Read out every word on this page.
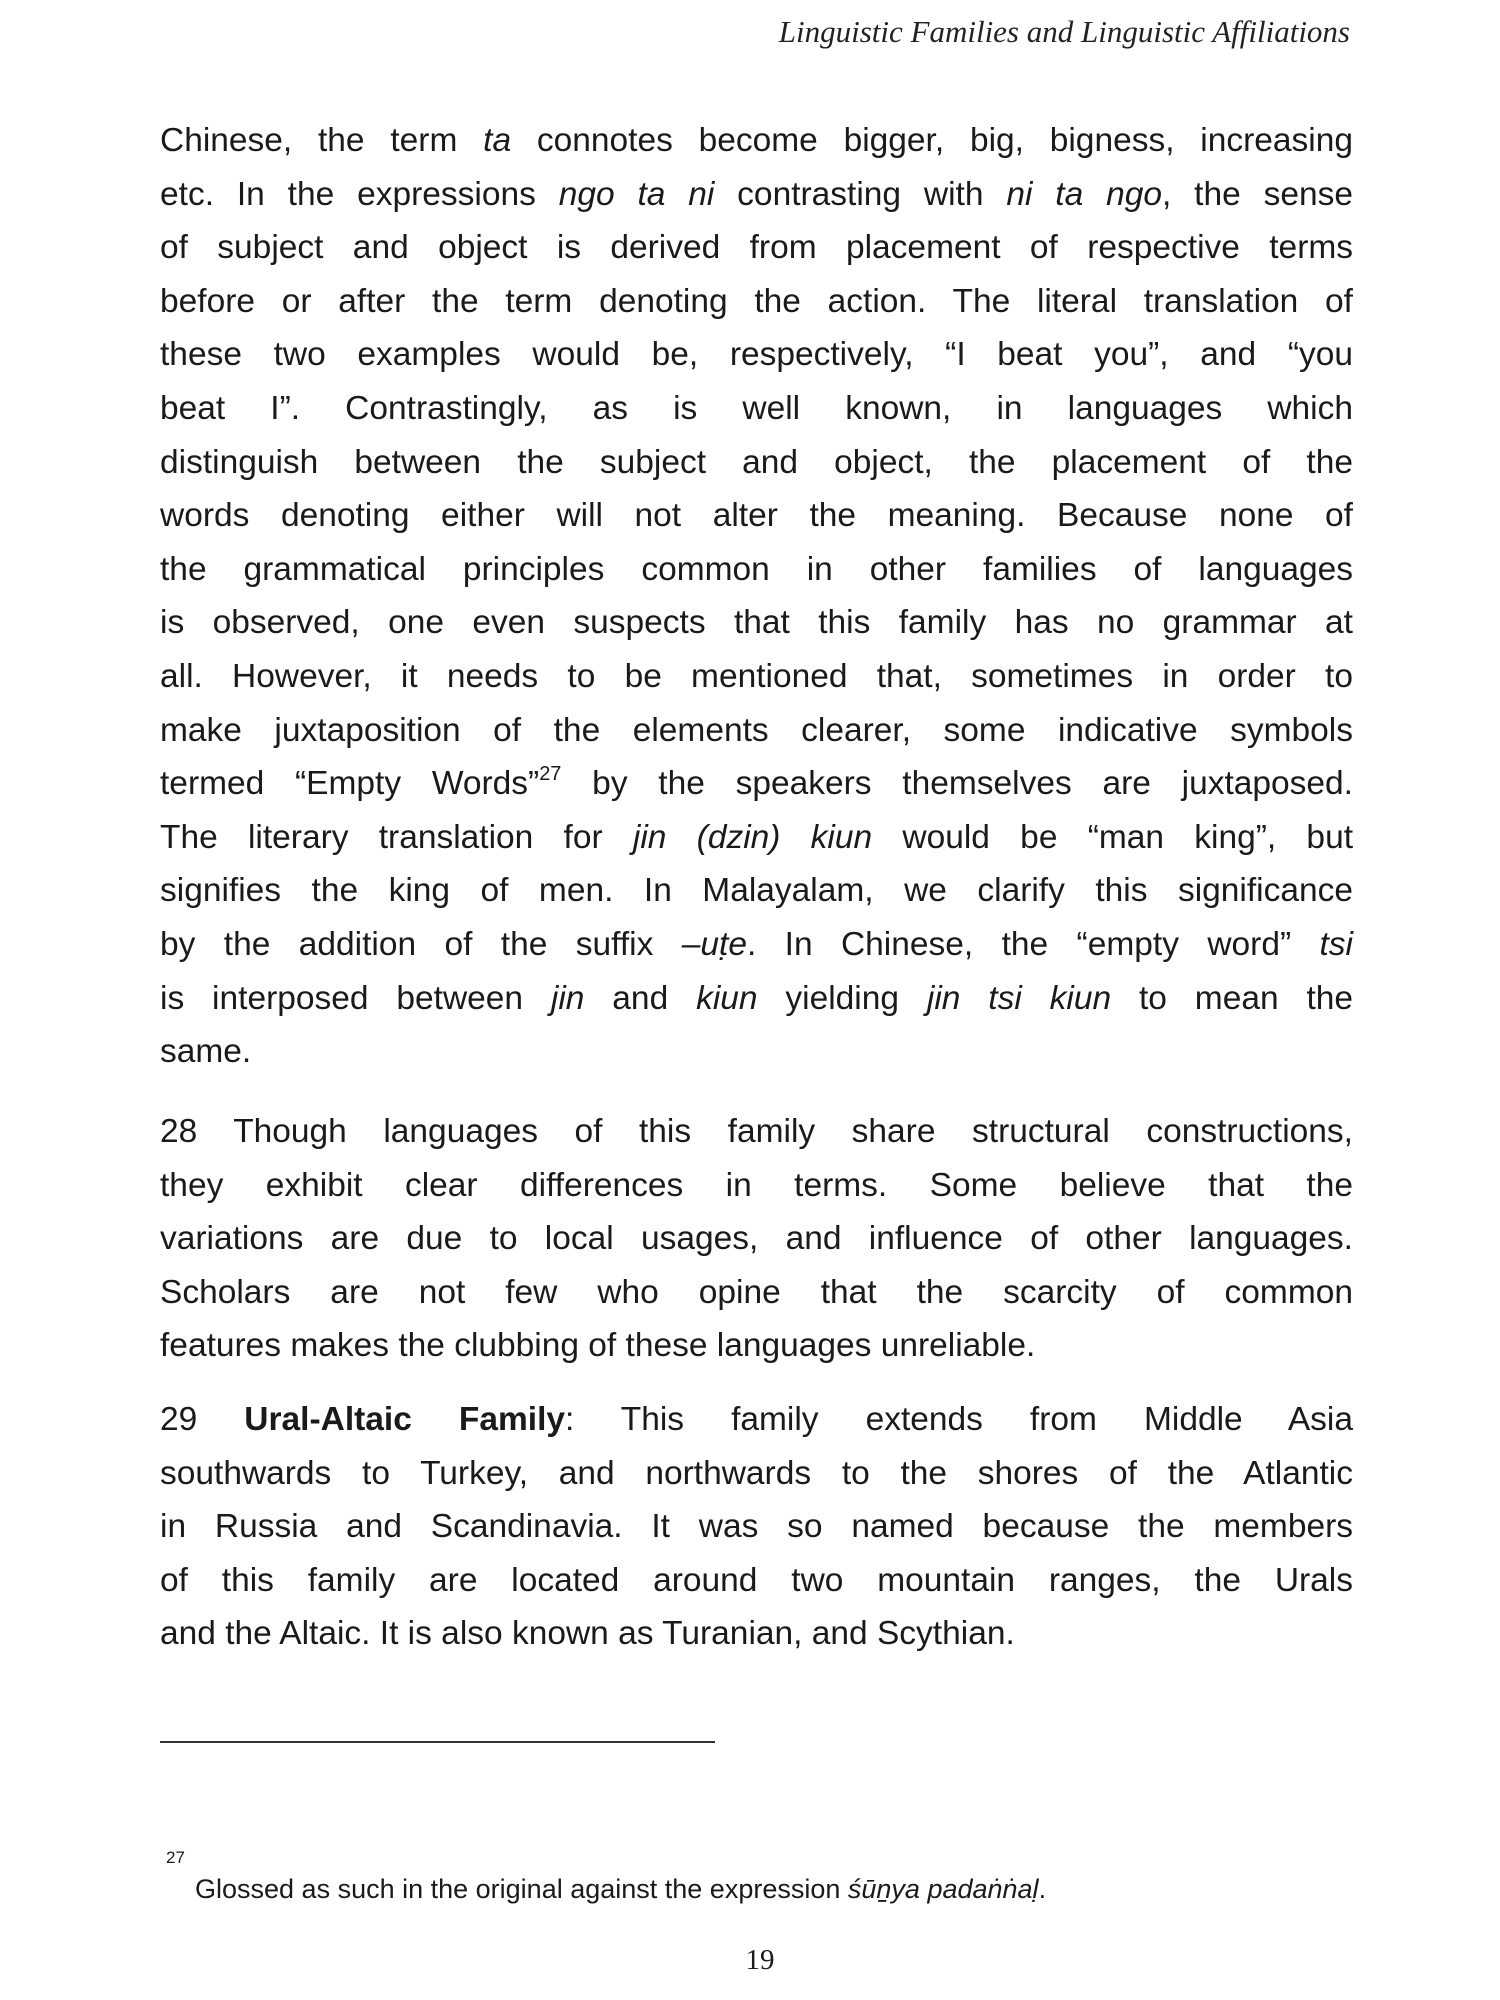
Linguistic Families and Linguistic Affiliations
Chinese, the term ta connotes become bigger, big, bigness, increasing
etc. In the expressions ngo ta ni contrasting with ni ta ngo, the sense
of subject and object is derived from placement of respective terms
before or after the term denoting the action. The literal translation of
these two examples would be, respectively, “I beat you”, and “you
beat I”. Contrastingly, as is well known, in languages which
distinguish between the subject and object, the placement of the
words denoting either will not alter the meaning. Because none of
the grammatical principles common in other families of languages
is observed, one even suspects that this family has no grammar at
all. However, it needs to be mentioned that, sometimes in order to
make juxtaposition of the elements clearer, some indicative symbols
termed “Empty Words”$^{27}$ by the speakers themselves are juxtaposed.
The literary translation for jin (dzin) kiun would be “man king”, but
signifies the king of men. In Malayalam, we clarify this significance
by the addition of the suffix –uṭe. In Chinese, the “empty word” tsi
is interposed between jin and kiun yielding jin tsi kiun to mean the
same.
28 Though languages of this family share structural constructions,
they exhibit clear differences in terms. Some believe that the
variations are due to local usages, and influence of other languages.
Scholars are not few who opine that the scarcity of common
features makes the clubbing of these languages unreliable.
29 Ural-Altaic Family: This family extends from Middle Asia
southwards to Turkey, and northwards to the shores of the Atlantic
in Russia and Scandinavia. It was so named because the members
of this family are located around two mountain ranges, the Urals
and the Altaic. It is also known as Turanian, and Scythian.
27
Glossed as such in the original against the expression śūṉya padaṅṅaḷ.
19
